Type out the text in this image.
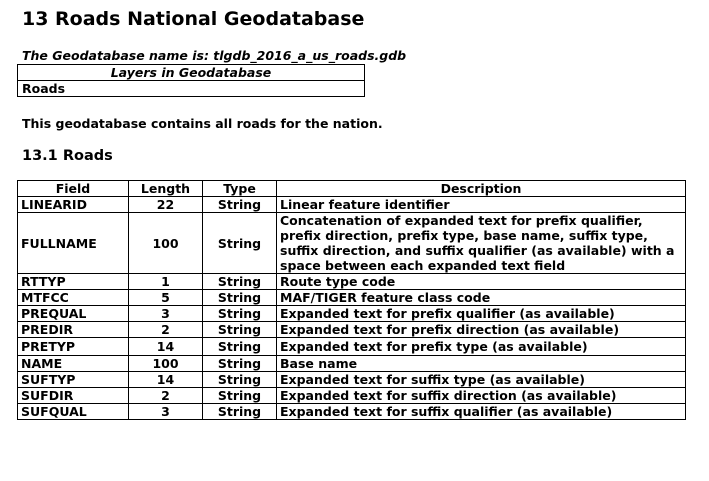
13 Roads National Geodatabase
The Geodatabase name is: tlgdb_2016_a_us_roads.gdb
Layers in Geodatabase
Roads
This geodatabase contains all roads for the nation.
13.1 Roads
Field	Length	Type	Description
LINEARID	22	String	Linear feature identifier
FULLNAME	100	String	Concatenation of expanded text for prefix qualifier, prefix direction, prefix type, base name, suffix type, suffix direction, and suffix qualifier (as available) with a space between each expanded text field
RTTYP	1	String	Route type code
MTFCC	5	String	MAF/TIGER feature class code
PREQUAL	3	String	Expanded text for prefix qualifier (as available)
PREDIR	2	String	Expanded text for prefix direction (as available)
PRETYP	14	String	Expanded text for prefix type (as available)
NAME	100	String	Base name
SUFTYP	14	String	Expanded text for suffix type (as available)
SUFDIR	2	String	Expanded text for suffix direction (as available)
SUFQUAL	3	String	Expanded text for suffix qualifier (as available)
